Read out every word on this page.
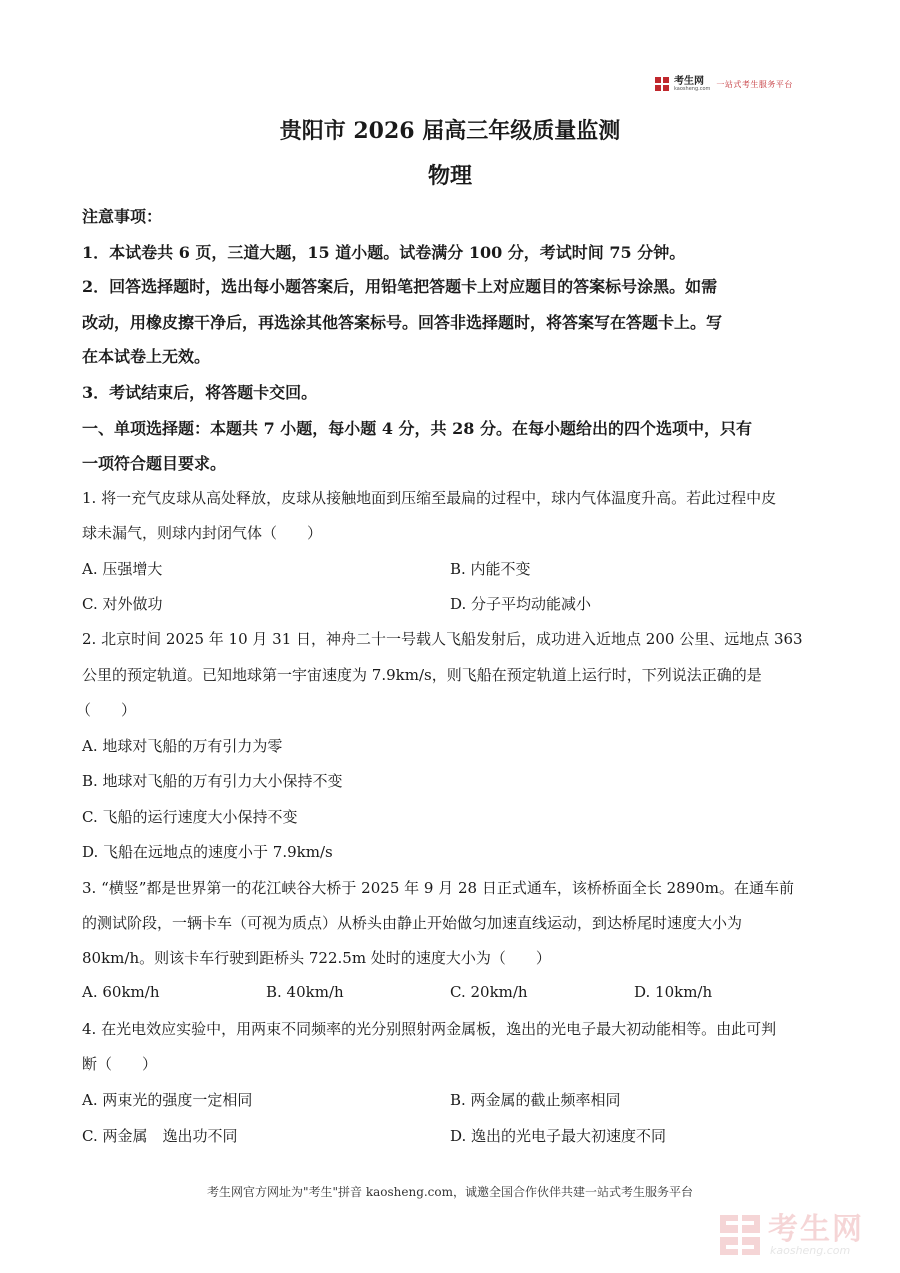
考生网
kaosheng.com 一站式考生服务平台
贵阳市 2026 届高三年级质量监测
物理
注意事项：
1．本试卷共 6 页，三道大题，15 道小题。试卷满分 100 分，考试时间 75 分钟。
2．回答选择题时，选出每小题答案后，用铅笔把答题卡上对应题目的答案标号涂黑。如需
改动，用橡皮擦干净后，再选涂其他答案标号。回答非选择题时，将答案写在答题卡上。写
在本试卷上无效。
3．考试结束后，将答题卡交回。
一、单项选择题：本题共 7 小题，每小题 4 分，共 28 分。在每小题给出的四个选项中，只有
一项符合题目要求。
1. 将一充气皮球从高处释放，皮球从接触地面到压缩至最扁的过程中，球内气体温度升高。若此过程中皮
球未漏气，则球内封闭气体（　　）
A. 压强增大	B. 内能不变
C. 对外做功	D. 分子平均动能减小
2. 北京时间 2025 年 10 月 31 日，神舟二十一号载人飞船发射后，成功进入近地点 200 公里、远地点 363
公里的预定轨道。已知地球第一宇宙速度为 7.9km/s，则飞船在预定轨道上运行时，下列说法正确的是
（　　）
A. 地球对飞船的万有引力为零
B. 地球对飞船的万有引力大小保持不变
C. 飞船的运行速度大小保持不变
D. 飞船在远地点的速度小于 7.9km/s
3. “横竖”都是世界第一的花江峡谷大桥于 2025 年 9 月 28 日正式通车，该桥桥面全长 2890m。在通车前
的测试阶段，一辆卡车（可视为质点）从桥头由静止开始做匀加速直线运动，到达桥尾时速度大小为
80km/h。则该卡车行驶到距桥头 722.5m 处时的速度大小为（　　）
A. 60km/h	B. 40km/h	C. 20km/h	D. 10km/h
4. 在光电效应实验中，用两束不同频率的光分别照射两金属板，逸出的光电子最大初动能相等。由此可判
断（　　）
A. 两束光的强度一定相同	B. 两金属的截止频率相同
C. 两金属　逸出功不同	D. 逸出的光电子最大初速度不同
考生网官方网址为"考生"拼音 kaosheng.com，诚邀全国合作伙伴共建一站式考生服务平台
考生网
kaosheng.com
